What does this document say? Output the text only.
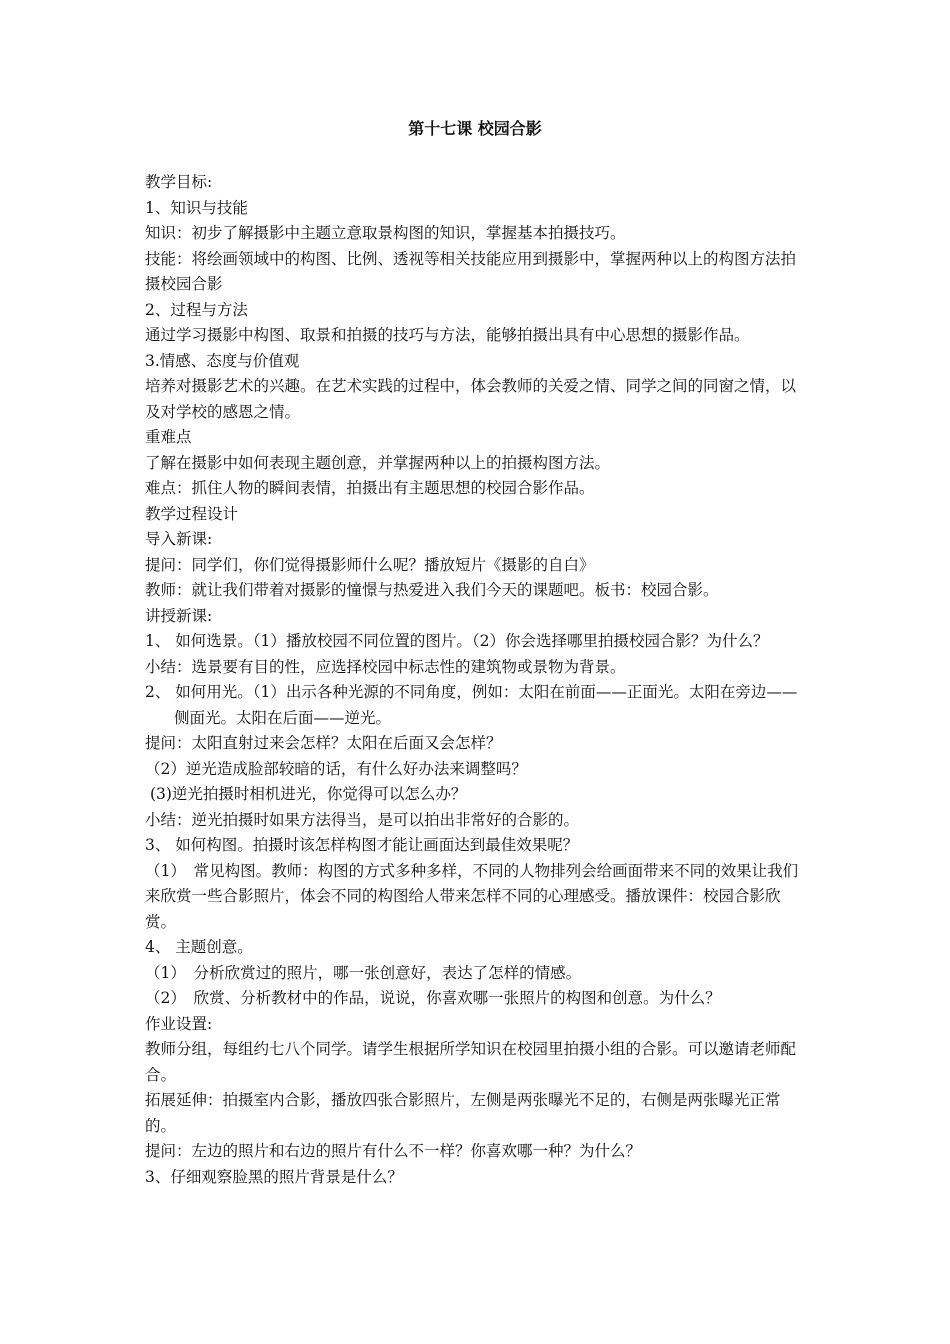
第十七课 校园合影

教学目标:

1、知识与技能

知识：初步了解摄影中主题立意取景构图的知识，掌握基本拍摄技巧。

技能：将绘画领域中的构图、比例、透视等相关技能应用到摄影中，掌握两种以上的构图方法拍摄校园合影

2、过程与方法

通过学习摄影中构图、取景和拍摄的技巧与方法，能够拍摄出具有中心思想的摄影作品。

3.情感、态度与价值观

培养对摄影艺术的兴趣。在艺术实践的过程中，体会教师的关爱之情、同学之间的同窗之情，以及对学校的感恩之情。

重难点

了解在摄影中如何表现主题创意，并掌握两种以上的拍摄构图方法。

难点：抓住人物的瞬间表情，拍摄出有主题思想的校园合影作品。

教学过程设计

导入新课:

提问：同学们，你们觉得摄影师什么呢？播放短片《摄影的自白》

教师：就让我们带着对摄影的憧憬与热爱进入我们今天的课题吧。板书：校园合影。

讲授新课:

1、 如何选景。（1）播放校园不同位置的图片。（2）你会选择哪里拍摄校园合影？为什么？

小结：选景要有目的性，应选择校园中标志性的建筑物或景物为背景。

2、 如何用光。（1）出示各种光源的不同角度，例如：太阳在前面——正面光。太阳在旁边——侧面光。太阳在后面——逆光。

提问：太阳直射过来会怎样？太阳在后面又会怎样？

（2）逆光造成脸部较暗的话，有什么好办法来调整吗？

(3)逆光拍摄时相机进光，你觉得可以怎么办？

小结：逆光拍摄时如果方法得当，是可以拍出非常好的合影的。

3、 如何构图。拍摄时该怎样构图才能让画面达到最佳效果呢？

（1）　常见构图。教师：构图的方式多种多样，不同的人物排列会给画面带来不同的效果让我们来欣赏一些合影照片，体会不同的构图给人带来怎样不同的心理感受。播放课件：校园合影欣赏。

4、 主题创意。

（1）　分析欣赏过的照片，哪一张创意好，表达了怎样的情感。

（2）　欣赏、分析教材中的作品，说说，你喜欢哪一张照片的构图和创意。为什么？

作业设置:

教师分组，每组约七八个同学。请学生根据所学知识在校园里拍摄小组的合影。可以邀请老师配合。

拓展延伸：拍摄室内合影，播放四张合影照片，左侧是两张曝光不足的，右侧是两张曝光正常的。

提问：左边的照片和右边的照片有什么不一样？你喜欢哪一种？为什么？

3、仔细观察脸黑的照片背景是什么？
